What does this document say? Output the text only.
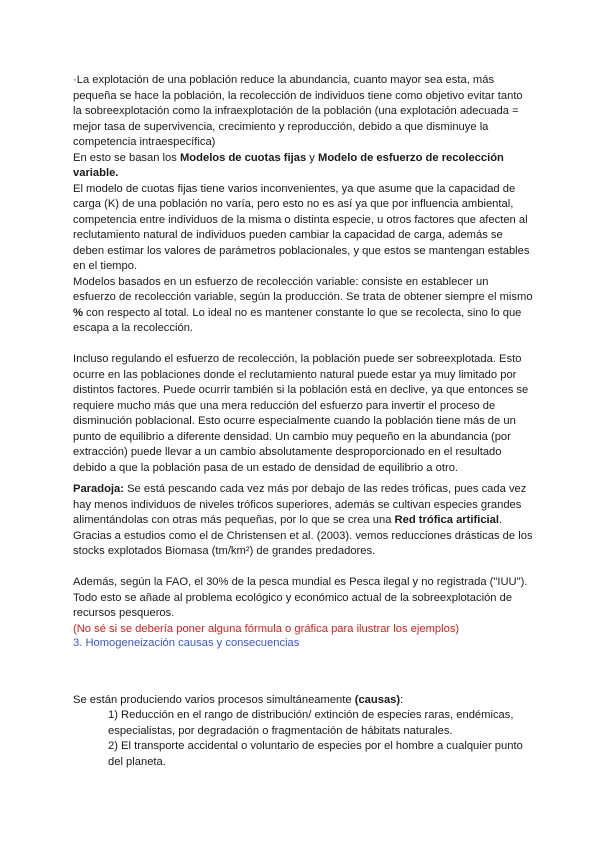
·La explotación de una población reduce la abundancia, cuanto mayor sea esta, más pequeña se hace la población, la recolección de individuos tiene como objetivo evitar tanto la sobreexplotación como la infraexplotación de la población (una explotación adecuada = mejor tasa de supervivencia, crecimiento y reproducción, debido a que disminuye la competencia intraespecífica)

En esto se basan los Modelos de cuotas fijas y Modelo de esfuerzo de recolección variable.

El modelo de cuotas fijas tiene varios inconvenientes, ya que asume que la capacidad de carga (K) de una población no varía, pero esto no es así ya que por influencia ambiental, competencia entre individuos de la misma o distinta especie, u otros factores que afecten al reclutamiento natural de individuos pueden cambiar la capacidad de carga, además se deben estimar los valores de parámetros poblacionales, y que estos se mantengan estables en el tiempo.

Modelos basados en un esfuerzo de recolección variable: consiste en establecer un esfuerzo de recolección variable, según la producción. Se trata de obtener siempre el mismo % con respecto al total. Lo ideal no es mantener constante lo que se recolecta, sino lo que escapa a la recolección.

Incluso regulando el esfuerzo de recolección, la población puede ser sobreexplotada. Esto ocurre en las poblaciones donde el reclutamiento natural puede estar ya muy limitado por distintos factores. Puede ocurrir también si la población está en declive, ya que entonces se requiere mucho más que una mera reducción del esfuerzo para invertir el proceso de disminución poblacional. Esto ocurre especialmente cuando la población tiene más de un punto de equilibrio a diferente densidad. Un cambio muy pequeño en la abundancia (por extracción) puede llevar a un cambio absolutamente desproporcionado en el resultado debido a que la población pasa de un estado de densidad de equilibrio a otro.

Paradoja: Se está pescando cada vez más por debajo de las redes tróficas, pues cada vez hay menos individuos de niveles tróficos superiores, además se cultivan especies grandes alimentándolas con otras más pequeñas, por lo que se crea una Red trófica artificial. Gracias a estudios como el de Christensen et al. (2003). vemos reducciones drásticas de los stocks explotados Biomasa (tm/km²) de grandes predadores.

Además, según la FAO, el 30% de la pesca mundial es Pesca ilegal y no registrada ("IUU"). Todo esto se añade al problema ecológico y económico actual de la sobreexplotación de recursos pesqueros.

(No sé si se debería poner alguna fórmula o gráfica para ilustrar los ejemplos)

3. Homogeneización causas y consecuencias

Se están produciendo varios procesos simultáneamente (causas):

1) Reducción en el rango de distribución/ extinción de especies raras, endémicas, especialistas, por degradación o fragmentación de hábitats naturales.

2) El transporte accidental o voluntario de especies por el hombre a cualquier punto del planeta.
